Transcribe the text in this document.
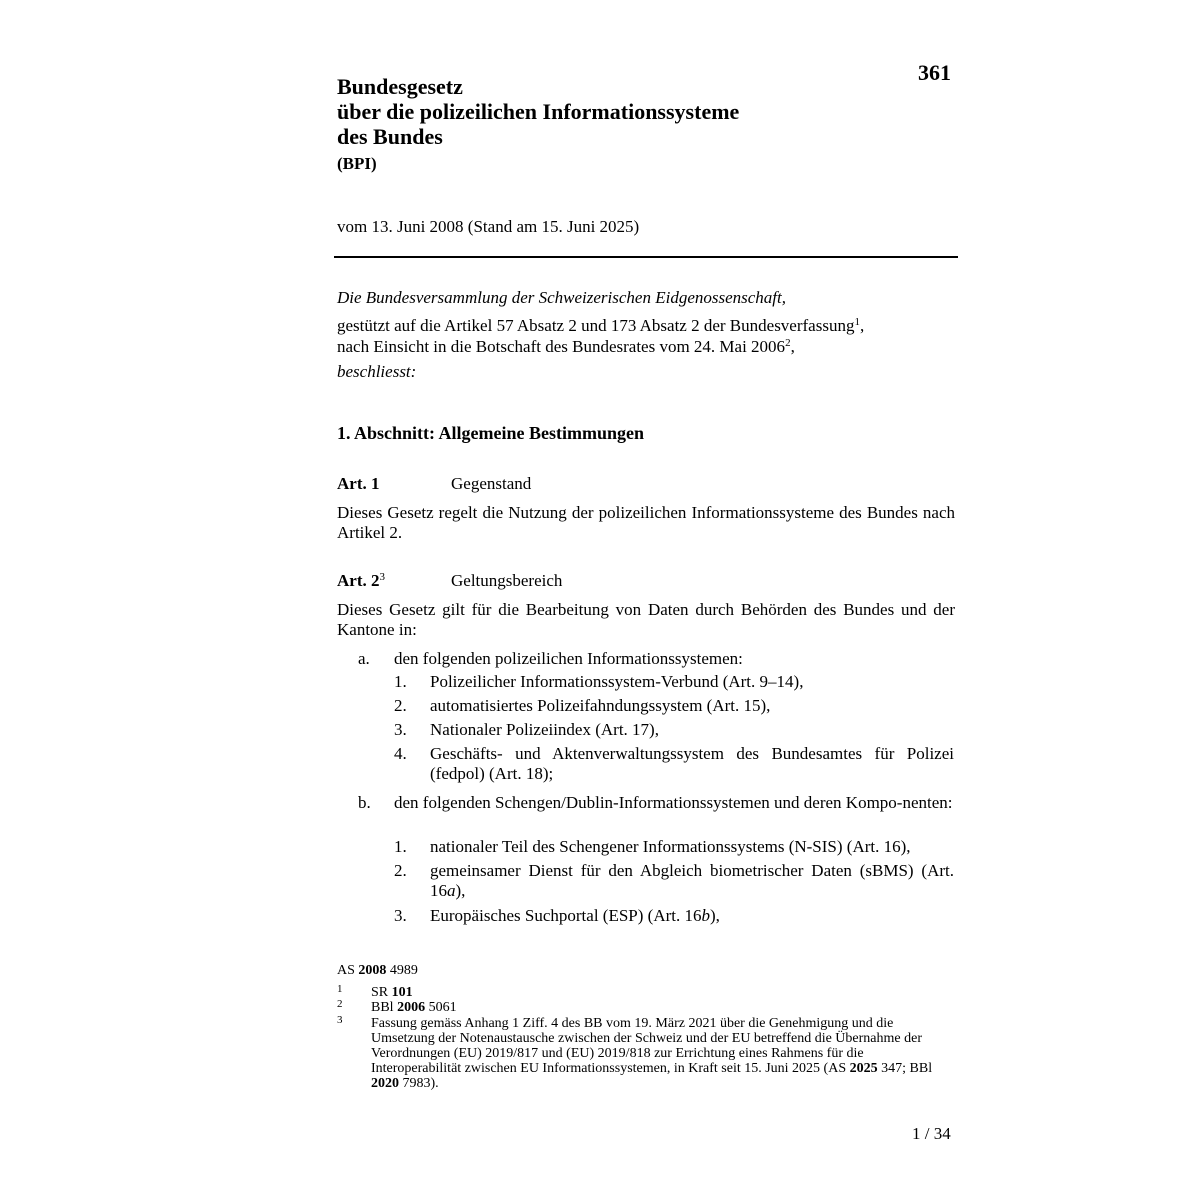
361
Bundesgesetz
über die polizeilichen Informationssysteme
des Bundes
(BPI)
vom 13. Juni 2008 (Stand am 15. Juni 2025)
Die Bundesversammlung der Schweizerischen Eidgenossenschaft,
gestützt auf die Artikel 57 Absatz 2 und 173 Absatz 2 der Bundesverfassung$^1$,
nach Einsicht in die Botschaft des Bundesrates vom 24. Mai 2006$^2$,
beschliesst:
1. Abschnitt: Allgemeine Bestimmungen
Art. 1	Gegenstand
Dieses Gesetz regelt die Nutzung der polizeilichen Informationssysteme des Bundes nach Artikel 2.
Art. 2$^3$	Geltungsbereich
Dieses Gesetz gilt für die Bearbeitung von Daten durch Behörden des Bundes und der Kantone in:
a. den folgenden polizeilichen Informationssystemen:
1. Polizeilicher Informationssystem-Verbund (Art. 9–14),
2. automatisiertes Polizeifahndungssystem (Art. 15),
3. Nationaler Polizeiindex (Art. 17),
4. Geschäfts- und Aktenverwaltungssystem des Bundesamtes für Polizei (fedpol) (Art. 18);
b. den folgenden Schengen/Dublin-Informationssystemen und deren Kompo-nenten:
1. nationaler Teil des Schengener Informationssystems (N-SIS) (Art. 16),
2. gemeinsamer Dienst für den Abgleich biometrischer Daten (sBMS) (Art. 16a),
3. Europäisches Suchportal (ESP) (Art. 16b),
AS 2008 4989
1 SR 101
2 BBl 2006 5061
3 Fassung gemäss Anhang 1 Ziff. 4 des BB vom 19. März 2021 über die Genehmigung und die Umsetzung der Notenaustausche zwischen der Schweiz und der EU betreffend die Übernahme der Verordnungen (EU) 2019/817 und (EU) 2019/818 zur Errichtung eines Rahmens für die Interoperabilität zwischen EU Informationssystemen, in Kraft seit 15. Juni 2025 (AS 2025 347; BBl 2020 7983).
1 / 34
